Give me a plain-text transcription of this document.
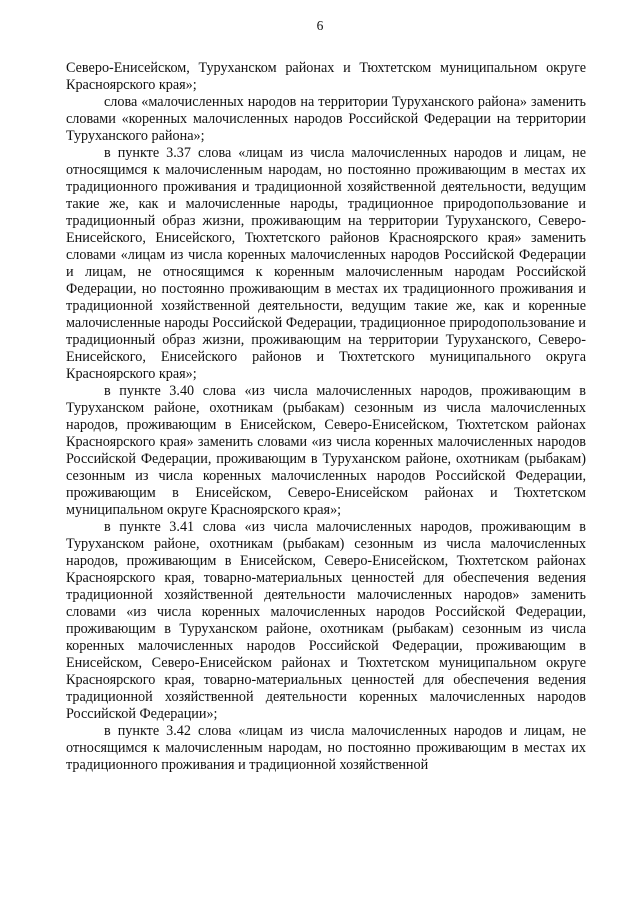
6

Северо-Енисейском, Туруханском районах и Тюхтетском муниципальном округе Красноярского края»;

слова «малочисленных народов на территории Туруханского района» заменить словами «коренных малочисленных народов Российской Федерации на территории Туруханского района»;

в пункте 3.37 слова «лицам из числа малочисленных народов и лицам, не относящимся к малочисленным народам, но постоянно проживающим в местах их традиционного проживания и традиционной хозяйственной деятельности, ведущим такие же, как и малочисленные народы, традиционное природопользование и традиционный образ жизни, проживающим на территории Туруханского, Северо-Енисейского, Енисейского, Тюхтетского районов Красноярского края» заменить словами «лицам из числа коренных малочисленных народов Российской Федерации и лицам, не относящимся к коренным малочисленным народам Российской Федерации, но постоянно проживающим в местах их традиционного проживания и традиционной хозяйственной деятельности, ведущим такие же, как и коренные малочисленные народы Российской Федерации, традиционное природопользование и традиционный образ жизни, проживающим на территории Туруханского, Северо-Енисейского, Енисейского районов и Тюхтетского муниципального округа Красноярского края»;

в пункте 3.40 слова «из числа малочисленных народов, проживающим в Туруханском районе, охотникам (рыбакам) сезонным из числа малочисленных народов, проживающим в Енисейском, Северо-Енисейском, Тюхтетском районах Красноярского края» заменить словами «из числа коренных малочисленных народов Российской Федерации, проживающим в Туруханском районе, охотникам (рыбакам) сезонным из числа коренных малочисленных народов Российской Федерации, проживающим в Енисейском, Северо-Енисейском районах и Тюхтетском муниципальном округе Красноярского края»;

в пункте 3.41 слова «из числа малочисленных народов, проживающим в Туруханском районе, охотникам (рыбакам) сезонным из числа малочисленных народов, проживающим в Енисейском, Северо-Енисейском, Тюхтетском районах Красноярского края, товарно-материальных ценностей для обеспечения ведения традиционной хозяйственной деятельности малочисленных народов» заменить словами «из числа коренных малочисленных народов Российской Федерации, проживающим в Туруханском районе, охотникам (рыбакам) сезонным из числа коренных малочисленных народов Российской Федерации, проживающим в Енисейском, Северо-Енисейском районах и Тюхтетском муниципальном округе Красноярского края, товарно-материальных ценностей для обеспечения ведения традиционной хозяйственной деятельности коренных малочисленных народов Российской Федерации»;

в пункте 3.42 слова «лицам из числа малочисленных народов и лицам, не относящимся к малочисленным народам, но постоянно проживающим в местах их традиционного проживания и традиционной хозяйственной
